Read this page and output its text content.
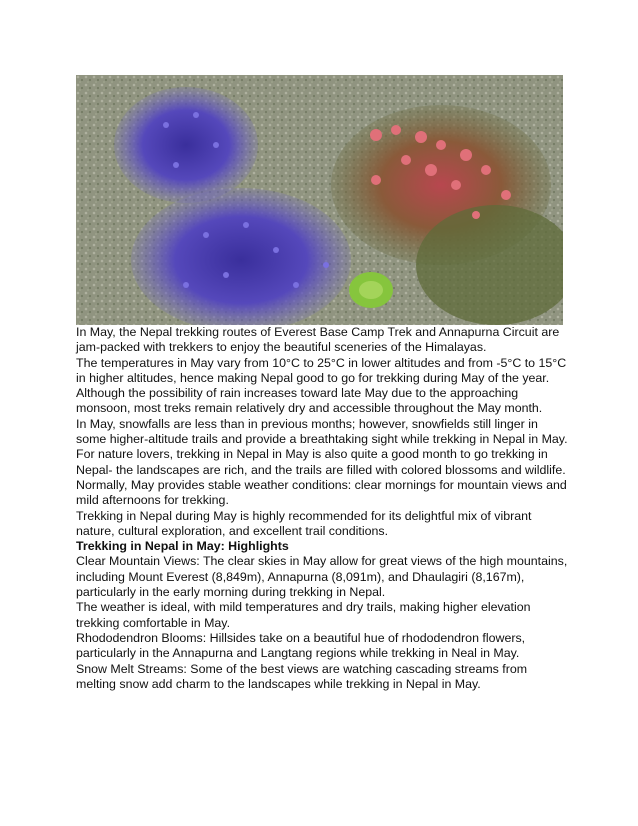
In May, the Nepal trekking routes of Everest Base Camp Trek and Annapurna Circuit are jam-packed with trekkers to enjoy the beautiful sceneries of the Himalayas.

The temperatures in May vary from 10°C to 25°C in lower altitudes and from -5°C to 15°C in higher altitudes, hence making Nepal good to go for trekking during May of the year.

Although the possibility of rain increases toward late May due to the approaching monsoon, most treks remain relatively dry and accessible throughout the May month.

In May, snowfalls are less than in previous months; however, snowfields still linger in some higher-altitude trails and provide a breathtaking sight while trekking in Nepal in May.

For nature lovers, trekking in Nepal in May is also quite a good month to go trekking in Nepal- the landscapes are rich, and the trails are filled with colored blossoms and wildlife.

Normally, May provides stable weather conditions: clear mornings for mountain views and mild afternoons for trekking.

Trekking in Nepal during May is highly recommended for its delightful mix of vibrant nature, cultural exploration, and excellent trail conditions.

Trekking in Nepal in May: Highlights

Clear Mountain Views: The clear skies in May allow for great views of the high mountains, including Mount Everest (8,849m), Annapurna (8,091m), and Dhaulagiri (8,167m), particularly in the early morning during trekking in Nepal.

The weather is ideal, with mild temperatures and dry trails, making higher elevation trekking comfortable in May.

Rhododendron Blooms: Hillsides take on a beautiful hue of rhododendron flowers, particularly in the Annapurna and Langtang regions while trekking in Neal in May.

Snow Melt Streams: Some of the best views are watching cascading streams from melting snow add charm to the landscapes while trekking in Nepal in May.
